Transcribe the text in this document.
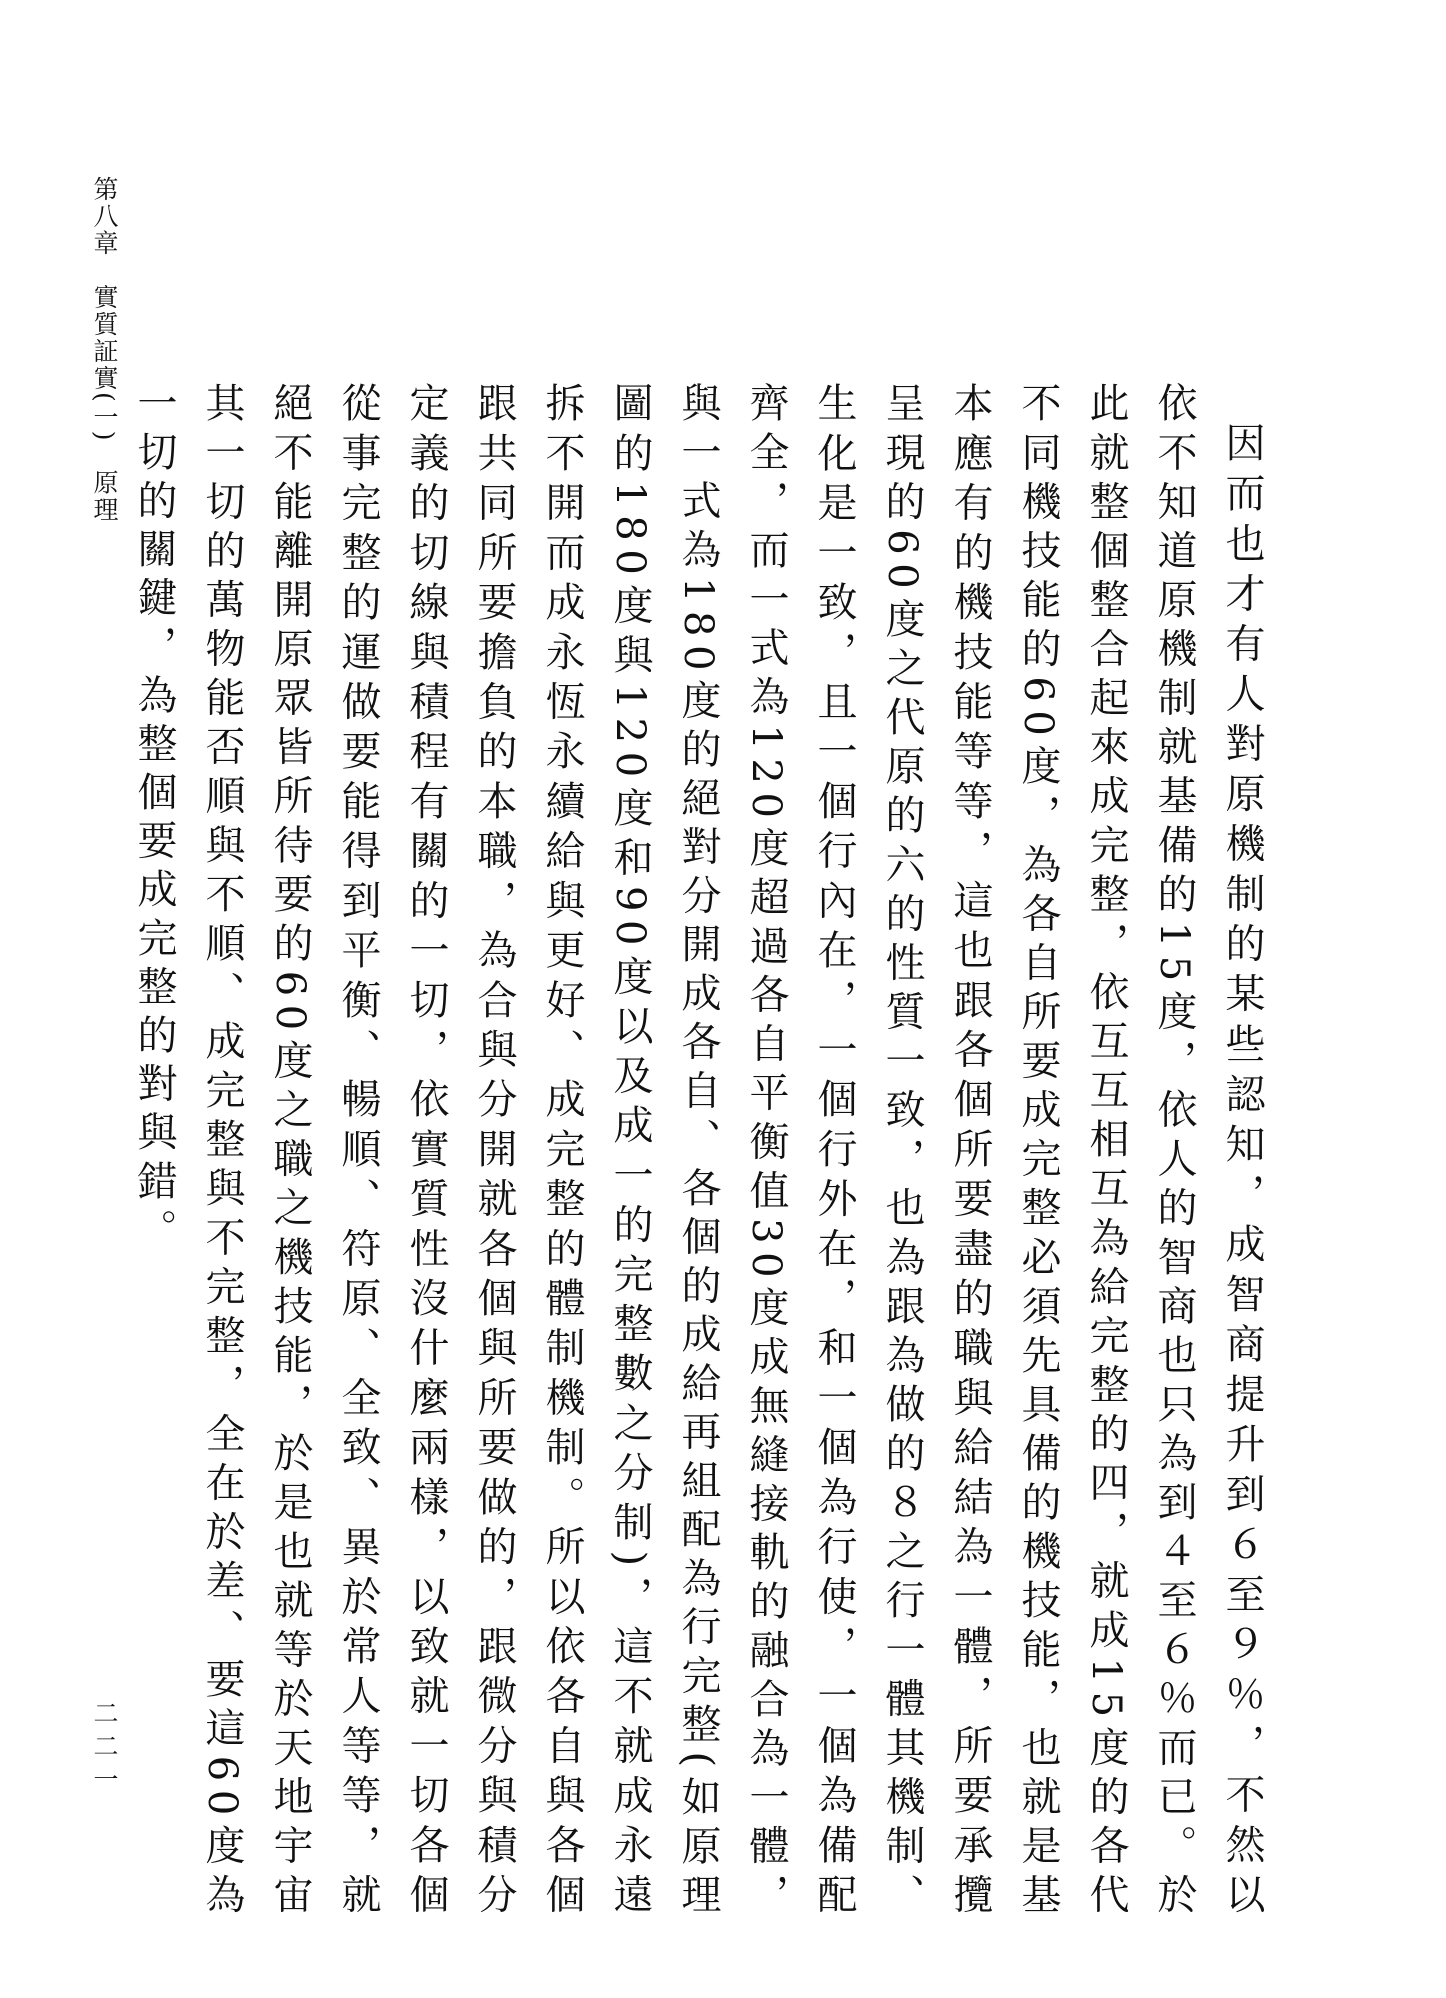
第八章　實質証實(一)　原理
二二一	因而也才有人對原機制的某些認知，成智商提升到６至９％，不然以依不知道原機制就基備的15度，依人的智商也只為到４至６％而已。於此就整個整合起來成完整，依互互相互為給完整的四，就成15度的各代不同機技能的60度，為各自所要成完整必須先具備的機技能，也就是基本應有的機技能等等，這也跟各個所要盡的職與給結為一體，所要承攬呈現的60度之代原的六的性質一致，也為跟為做的８之行一體其機制、生化是一致，且一個行內在，一個行外在，和一個為行使，一個為備配齊全，而一式為120度超過各自平衡值30度成無縫接軌的融合為一體，與一式為180度的絕對分開成各自、各個的成給再組配為行完整(如原理圖的180度與120度和90度以及成一的完整數之分制)，這不就成永遠拆不開而成永恆永續給與更好、成完整的體制機制。所以依各自與各個跟共同所要擔負的本職，為合與分開就各個與所要做的，跟微分與積分定義的切線與積程有關的一切，依實質性沒什麼兩樣，以致就一切各個從事完整的運做要能得到平衡、暢順、符原、全致、異於常人等等，就絕不能離開原眾皆所待要的60度之職之機技能，於是也就等於天地宇宙其一切的萬物能否順與不順、成完整與不完整，全在於差、要這60度為一切的關鍵，為整個要成完整的對與錯。
